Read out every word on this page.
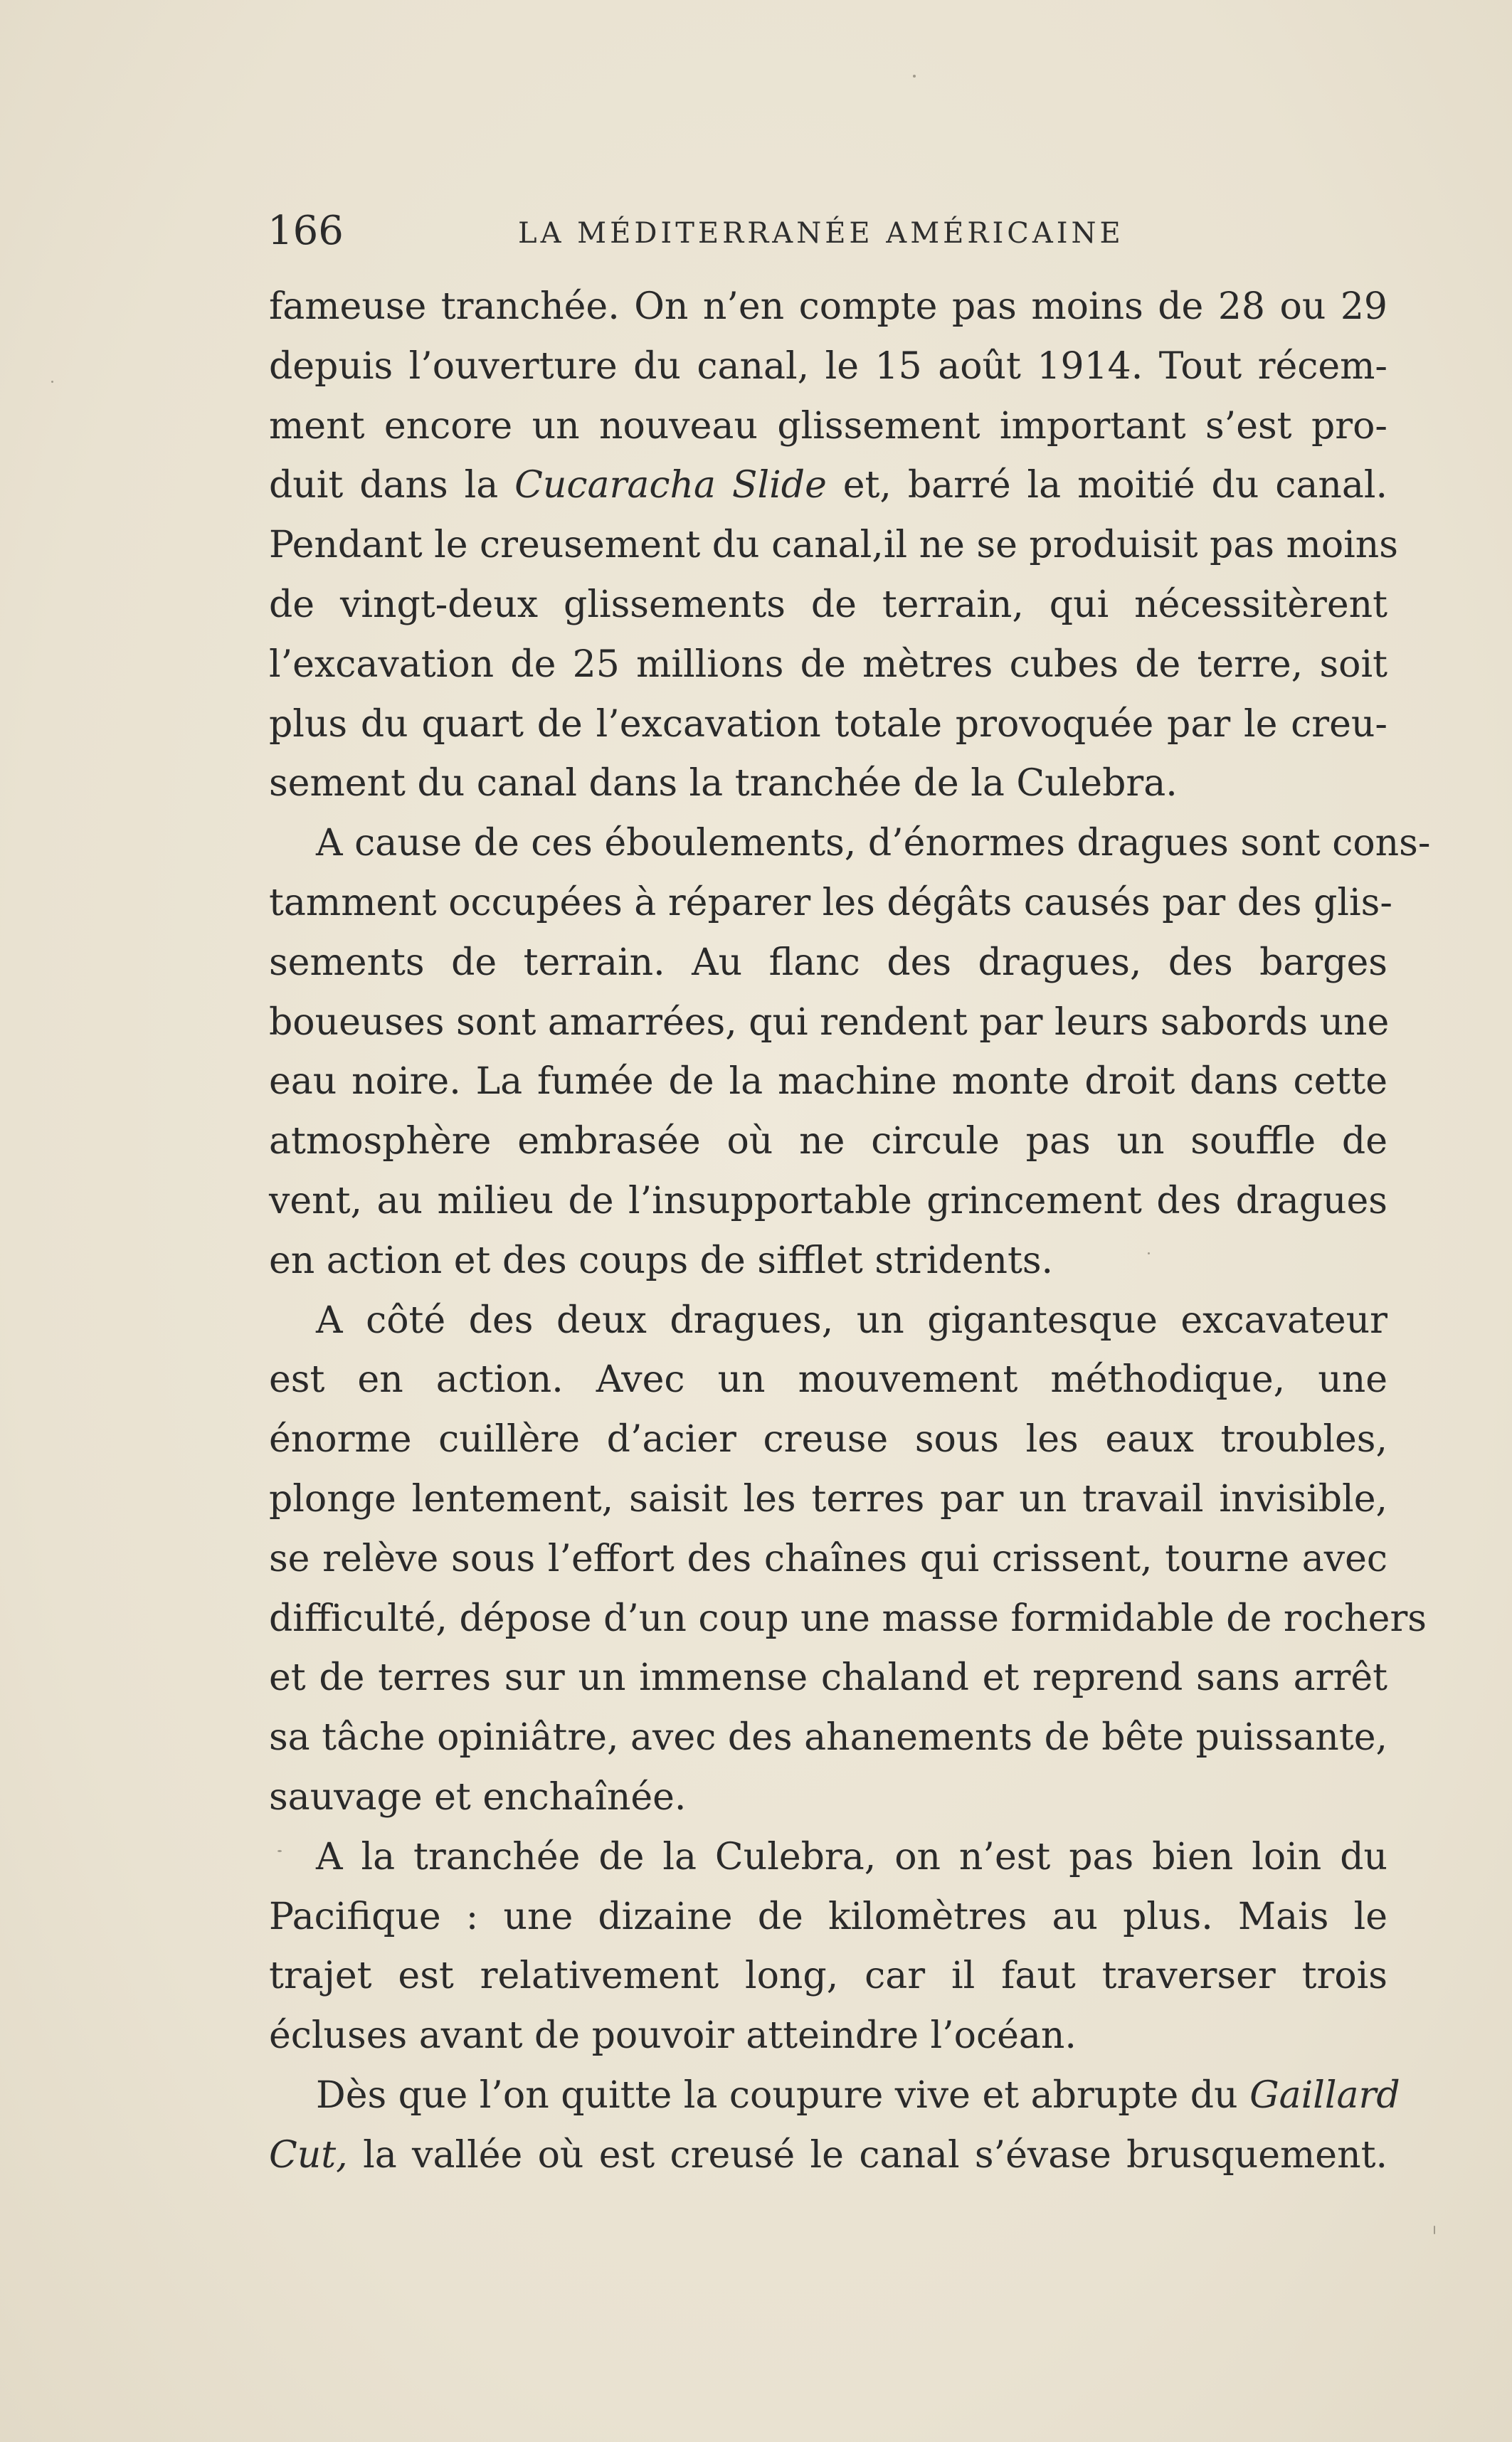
166	LA MÉDITERRANÉE AMÉRICAINE
fameuse tranchée. On n’en compte pas moins de 28 ou 29
depuis l’ouverture du canal, le 15 août 1914. Tout récem-
ment encore un nouveau glissement important s’est pro-
duit dans la Cucaracha Slide et, barré la moitié du canal.
Pendant le creusement du canal,il ne se produisit pas moins
de vingt-deux glissements de terrain, qui nécessitèrent
l’excavation de 25 millions de mètres cubes de terre, soit
plus du quart de l’excavation totale provoquée par le creu-
sement du canal dans la tranchée de la Culebra.
A cause de ces éboulements, d’énormes dragues sont cons-
tamment occupées à réparer les dégâts causés par des glis-
sements de terrain. Au flanc des dragues, des barges
boueuses sont amarrées, qui rendent par leurs sabords une
eau noire. La fumée de la machine monte droit dans cette
atmosphère embrasée où ne circule pas un souffle de
vent, au milieu de l’insupportable grincement des dragues
en action et des coups de sifflet stridents.
A côté des deux dragues, un gigantesque excavateur
est en action. Avec un mouvement méthodique, une
énorme cuillère d’acier creuse sous les eaux troubles,
plonge lentement, saisit les terres par un travail invisible,
se relève sous l’effort des chaînes qui crissent, tourne avec
difficulté, dépose d’un coup une masse formidable de rochers
et de terres sur un immense chaland et reprend sans arrêt
sa tâche opiniâtre, avec des ahanements de bête puissante,
sauvage et enchaînée.
A la tranchée de la Culebra, on n’est pas bien loin du
Pacifique : une dizaine de kilomètres au plus. Mais le
trajet est relativement long, car il faut traverser trois
écluses avant de pouvoir atteindre l’océan.
Dès que l’on quitte la coupure vive et abrupte du Gaillard
Cut, la vallée où est creusé le canal s’évase brusquement.
